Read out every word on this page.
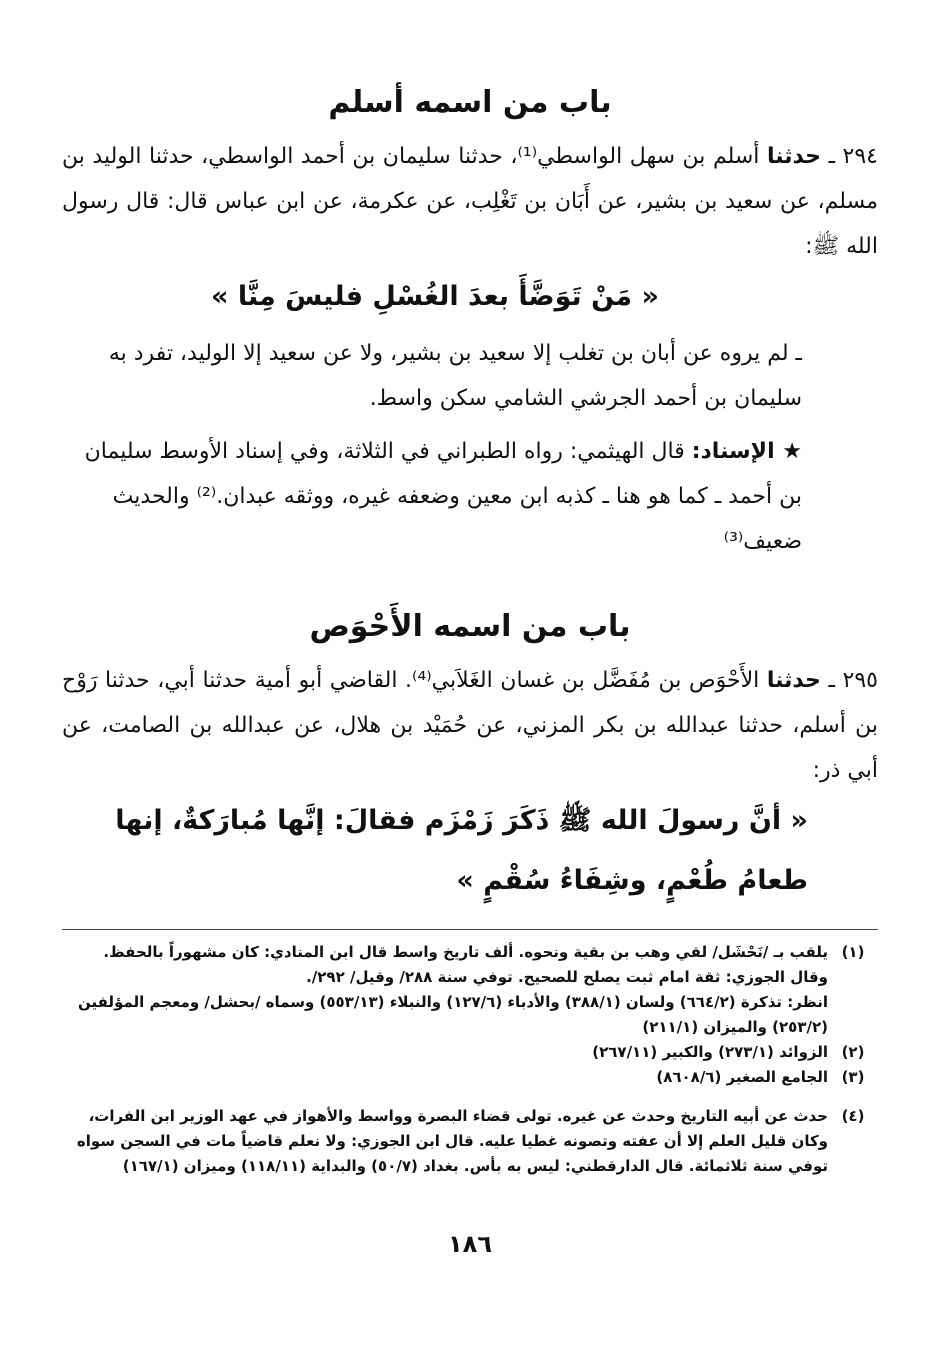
باب من اسمه أسلم
٢٩٤ ـ حدثنا أسلم بن سهل الواسطي⁽¹⁾، حدثنا سليمان بن أحمد الواسطي، حدثنا الوليد بن مسلم، عن سعيد بن بشير، عن أَبَان بن تَغْلِب، عن عكرمة، عن ابن عباس قال: قال رسول الله ﷺ:
« مَنْ تَوَضَّأَ بعدَ الغُسْلِ فليسَ مِنَّا »
ـ لم يروه عن أبان بن تغلب إلا سعيد بن بشير، ولا عن سعيد إلا الوليد، تفرد به سليمان بن أحمد الجرشي الشامي سكن واسط.
★ الإسناد: قال الهيثمي: رواه الطبراني في الثلاثة، وفي إسناد الأوسط سليمان بن أحمد ـ كما هو هنا ـ كذبه ابن معين وضعفه غيره، ووثقه عبدان.⁽²⁾ والحديث ضعيف⁽³⁾
باب من اسمه الأَحْوَص
٢٩٥ ـ حدثنا الأَحْوَص بن مُفَضَّل بن غسان الغَلاَبي⁽⁴⁾. القاضي أبو أمية حدثنا أبي، حدثنا رَوْح بن أسلم، حدثنا عبدالله بن بكر المزني، عن حُمَيْد بن هلال، عن عبدالله بن الصامت، عن أبي ذر:
« أنَّ رسولَ الله ﷺ ذَكَرَ زَمْزَم فقالَ: إنَّها مُبارَكةٌ، إنها
طعامُ طُعْمٍ، وشِفَاءُ سُقْمٍ »
(١)
يلقب بـ /نَحْشَل/ لقي وهب بن بقية ونحوه. ألف تاريخ واسط قال ابن المنادي: كان مشهوراً بالحفظ. وقال الجوزي: ثقة امام ثبت يصلح للصحيح. توفي سنة ٢٨٨/ وقيل/ ٢٩٢/.
انظر: تذكرة (٦٦٤/٢) ولسان (٣٨٨/١) والأدباء (١٢٧/٦) والنبلاء (٥٥٣/١٣) وسماه /بحشل/ ومعجم المؤلفين (٢٥٣/٢) والميزان (٢١١/١)
(٢)
الزوائد (٢٧٣/١) والكبير (٢٦٧/١١)
(٣)
الجامع الصغير (٨٦٠٨/٦)
(٤)
حدث عن أبيه التاريخ وحدث عن غيره. تولى قضاء البصرة وواسط والأهواز في عهد الوزير ابن الفرات، وكان قليل العلم إلا أن عفته وتصونه غطيا عليه. قال ابن الجوزي: ولا نعلم قاضياً مات في السجن سواه توفي سنة ثلاثمائة. قال الدارقطني: ليس به بأس. بغداد (٥٠/٧) والبداية (١١٨/١١) وميزان (١٦٧/١)
١٨٦
